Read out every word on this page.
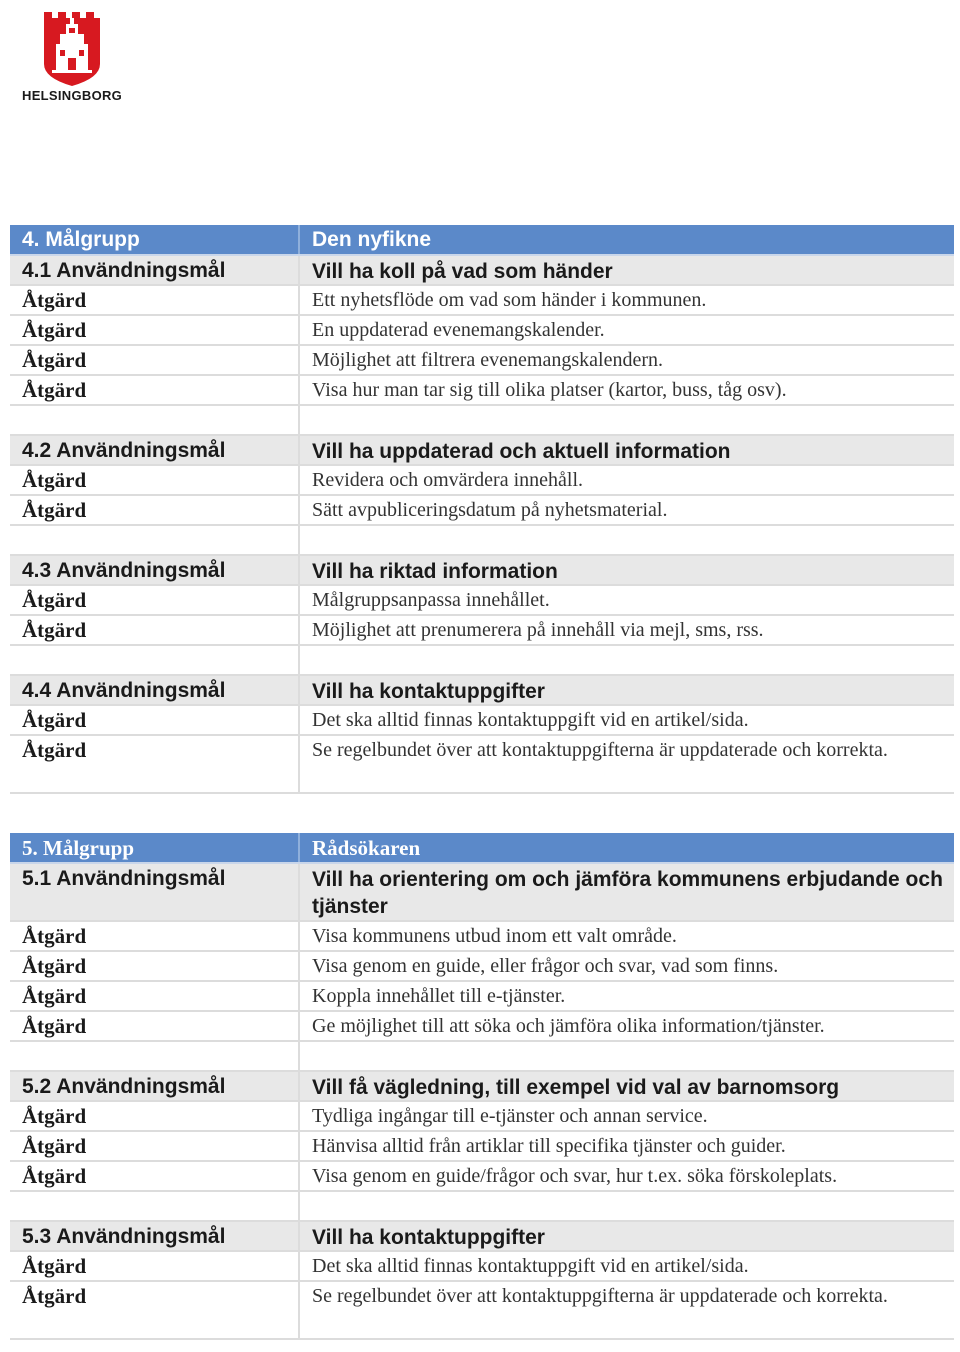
HELSINGBORG
4. Målgrupp	Den nyfikne
4.1 Användningsmål	Vill ha koll på vad som händer
Åtgärd	Ett nyhetsflöde om vad som händer i kommunen.
Åtgärd	En uppdaterad evenemangskalender.
Åtgärd	Möjlighet att filtrera evenemangskalendern.
Åtgärd	Visa hur man tar sig till olika platser (kartor, buss, tåg osv).
4.2 Användningsmål	Vill ha uppdaterad och aktuell information
Åtgärd	Revidera och omvärdera innehåll.
Åtgärd	Sätt avpubliceringsdatum på nyhetsmaterial.
4.3 Användningsmål	Vill ha riktad information
Åtgärd	Målgruppsanpassa innehållet.
Åtgärd	Möjlighet att prenumerera på innehåll via mejl, sms, rss.
4.4 Användningsmål	Vill ha kontaktuppgifter
Åtgärd	Det ska alltid finnas kontaktuppgift vid en artikel/sida.
Åtgärd	Se regelbundet över att kontaktuppgifterna är uppdaterade och korrekta.
5. Målgrupp	Rådsökaren
5.1 Användningsmål	Vill ha orientering om och jämföra kommunens erbjudande och tjänster
Åtgärd	Visa kommunens utbud inom ett valt område.
Åtgärd	Visa genom en guide, eller frågor och svar, vad som finns.
Åtgärd	Koppla innehållet till e-tjänster.
Åtgärd	Ge möjlighet till att söka och jämföra olika information/tjänster.
5.2 Användningsmål	Vill få vägledning, till exempel vid val av barnomsorg
Åtgärd	Tydliga ingångar till e-tjänster och annan service.
Åtgärd	Hänvisa alltid från artiklar till specifika tjänster och guider.
Åtgärd	Visa genom en guide/frågor och svar, hur t.ex. söka förskoleplats.
5.3 Användningsmål	Vill ha kontaktuppgifter
Åtgärd	Det ska alltid finnas kontaktuppgift vid en artikel/sida.
Åtgärd	Se regelbundet över att kontaktuppgifterna är uppdaterade och korrekta.
